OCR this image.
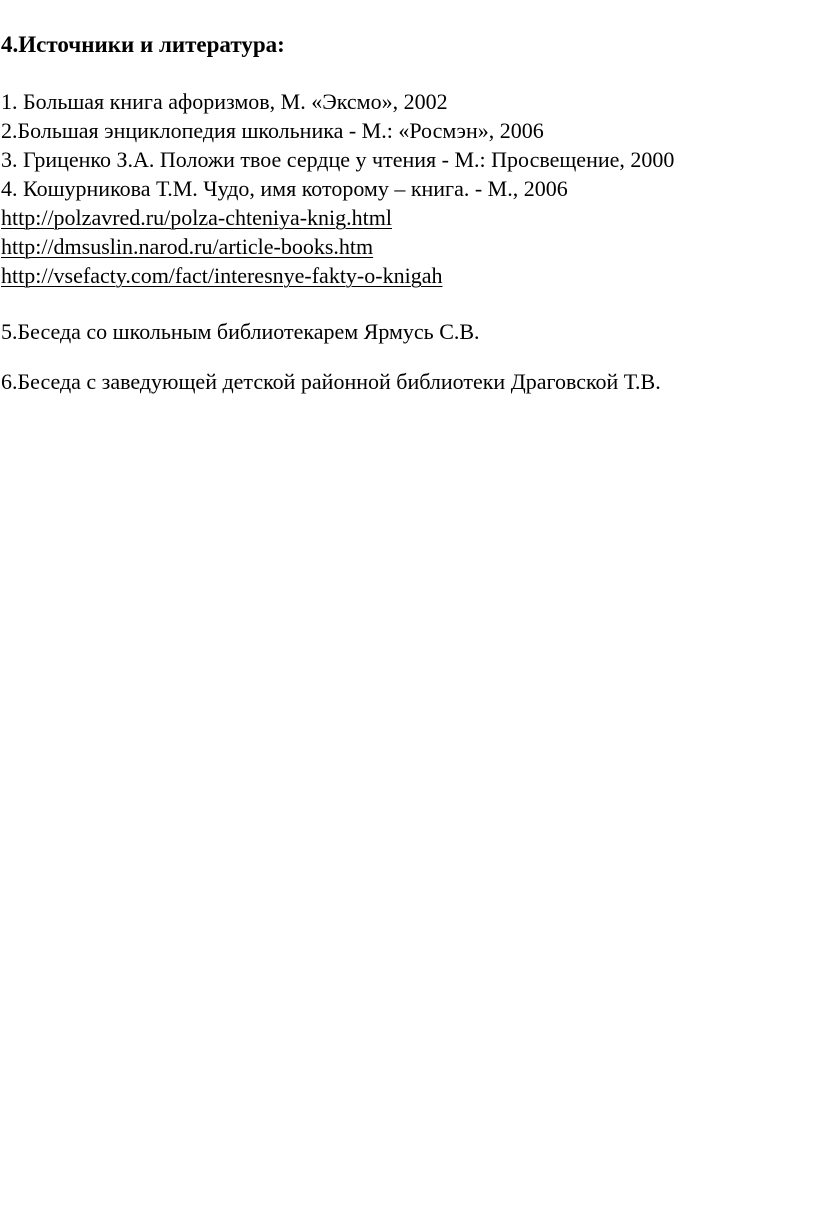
4.Источники и литература:
1. Большая книга афоризмов, М. «Эксмо», 2002
2.Большая энциклопедия школьника - М.: «Росмэн», 2006
3. Гриценко З.А. Положи твое сердце у чтения - М.: Просвещение, 2000
4. Кошурникова Т.М. Чудо, имя которому – книга. - М., 2006
http://polzavred.ru/polza-chteniya-knig.html
http://dmsuslin.narod.ru/article-books.htm
http://vsefacty.com/fact/interesnye-fakty-o-knigah
5.Беседа со школьным библиотекарем Ярмусь С.В.
6.Беседа с заведующей детской районной библиотеки Драговской Т.В.
